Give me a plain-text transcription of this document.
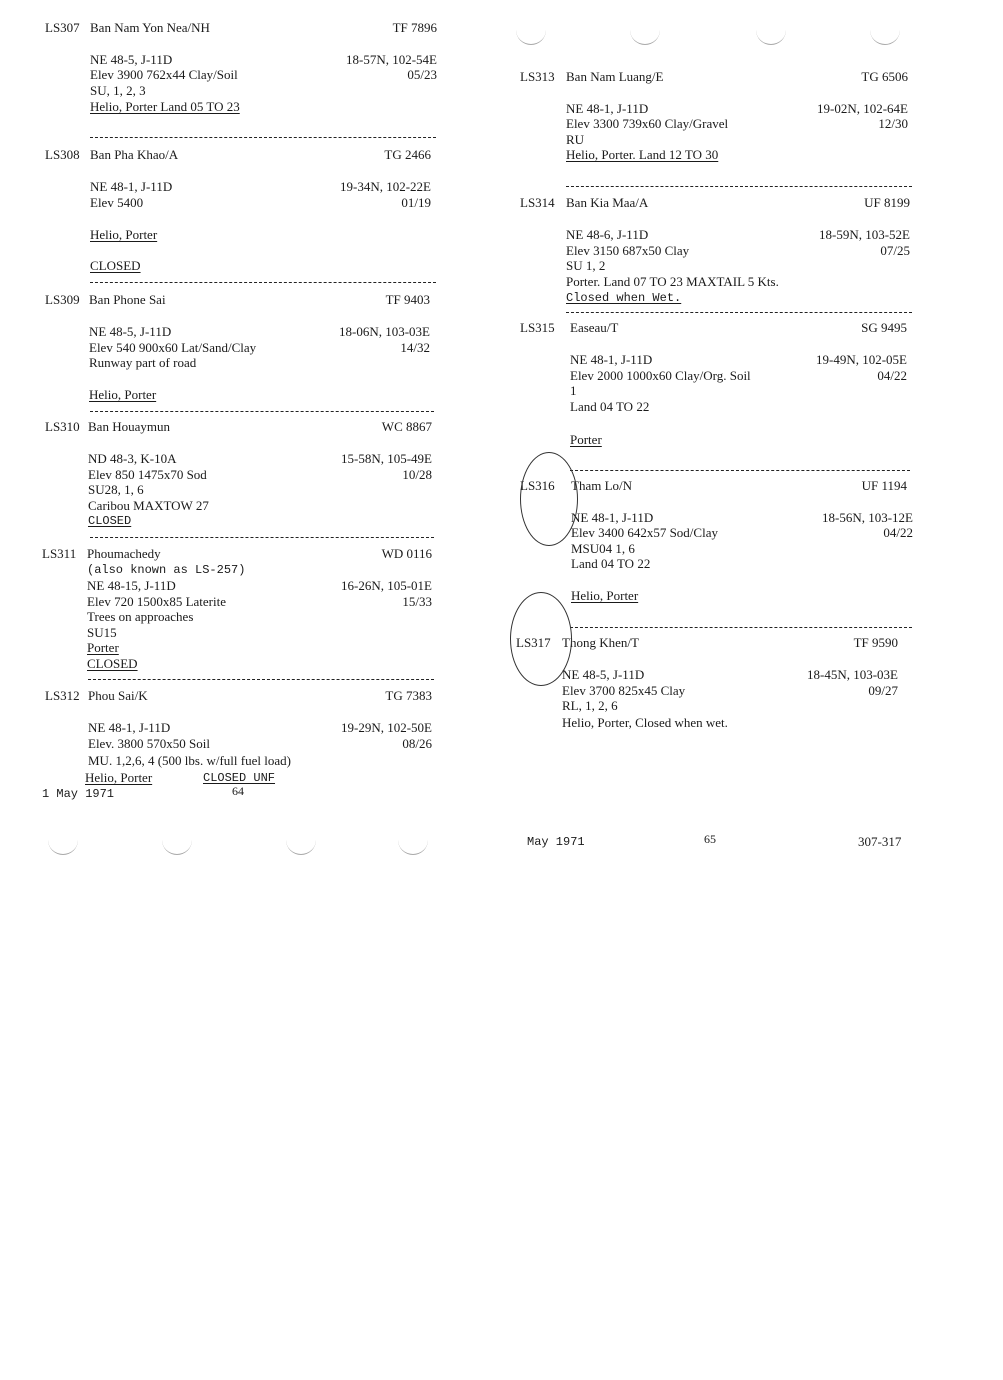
LS307 Ban Nam Yon Nea/NH	TF 7896
NE 48-5, J-11D	18-57N, 102-54E
Elev 3900 762x44 Clay/Soil	05/23
SU, 1, 2, 3
Helio, Porter Land 05 TO 23
LS308 Ban Pha Khao/A	TG 2466
NE 48-1, J-11D	19-34N, 102-22E
Elev 5400	01/19
Helio, Porter
CLOSED
LS309 Ban Phone Sai	TF 9403
NE 48-5, J-11D	18-06N, 103-03E
Elev 540 900x60 Lat/Sand/Clay	14/32
Runway part of road
Helio, Porter
LS310 Ban Houaymun	WC 8867
ND 48-3, K-10A	15-58N, 105-49E
Elev 850 1475x70 Sod	10/28
SU28, 1, 6
Caribou MAXTOW 27
CLOSED
LS311 Phoumachedy	WD 0116
(also known as LS-257)
NE 48-15, J-11D	16-26N, 105-01E
Elev 720 1500x85 Laterite	15/33
Trees on approaches
SU15
Porter
CLOSED
LS312 Phou Sai/K	TG 7383
NE 48-1, J-11D	19-29N, 102-50E
Elev. 3800 570x50 Soil	08/26
MU. 1,2,6, 4 (500 lbs. w/full fuel load)
Helio, Porter	CLOSED UNF
1 May 1971	64
LS313 Ban Nam Luang/E	TG 6506
NE 48-1, J-11D	19-02N, 102-64E
Elev 3300 739x60 Clay/Gravel	12/30
RU
Helio, Porter. Land 12 TO 30
LS314 Ban Kia Maa/A	UF 8199
NE 48-6, J-11D	18-59N, 103-52E
Elev 3150 687x50 Clay	07/25
SU 1, 2
Porter. Land 07 TO 23 MAXTAIL 5 Kts.
Closed when Wet.
LS315 Easeau/T	SG 9495
NE 48-1, J-11D	19-49N, 102-05E
Elev 2000 1000x60 Clay/Org. Soil	04/22
1
Land 04 TO 22
Porter
LS316 Tham Lo/N	UF 1194
NE 48-1, J-11D	18-56N, 103-12E
Elev 3400 642x57 Sod/Clay	04/22
MSU04 1, 6
Land 04 TO 22
Helio, Porter
LS317 Thong Khen/T	TF 9590
NE 48-5, J-11D	18-45N, 103-03E
Elev 3700 825x45 Clay	09/27
RL, 1, 2, 6
Helio, Porter, Closed when wet.
May 1971	65	307-317
